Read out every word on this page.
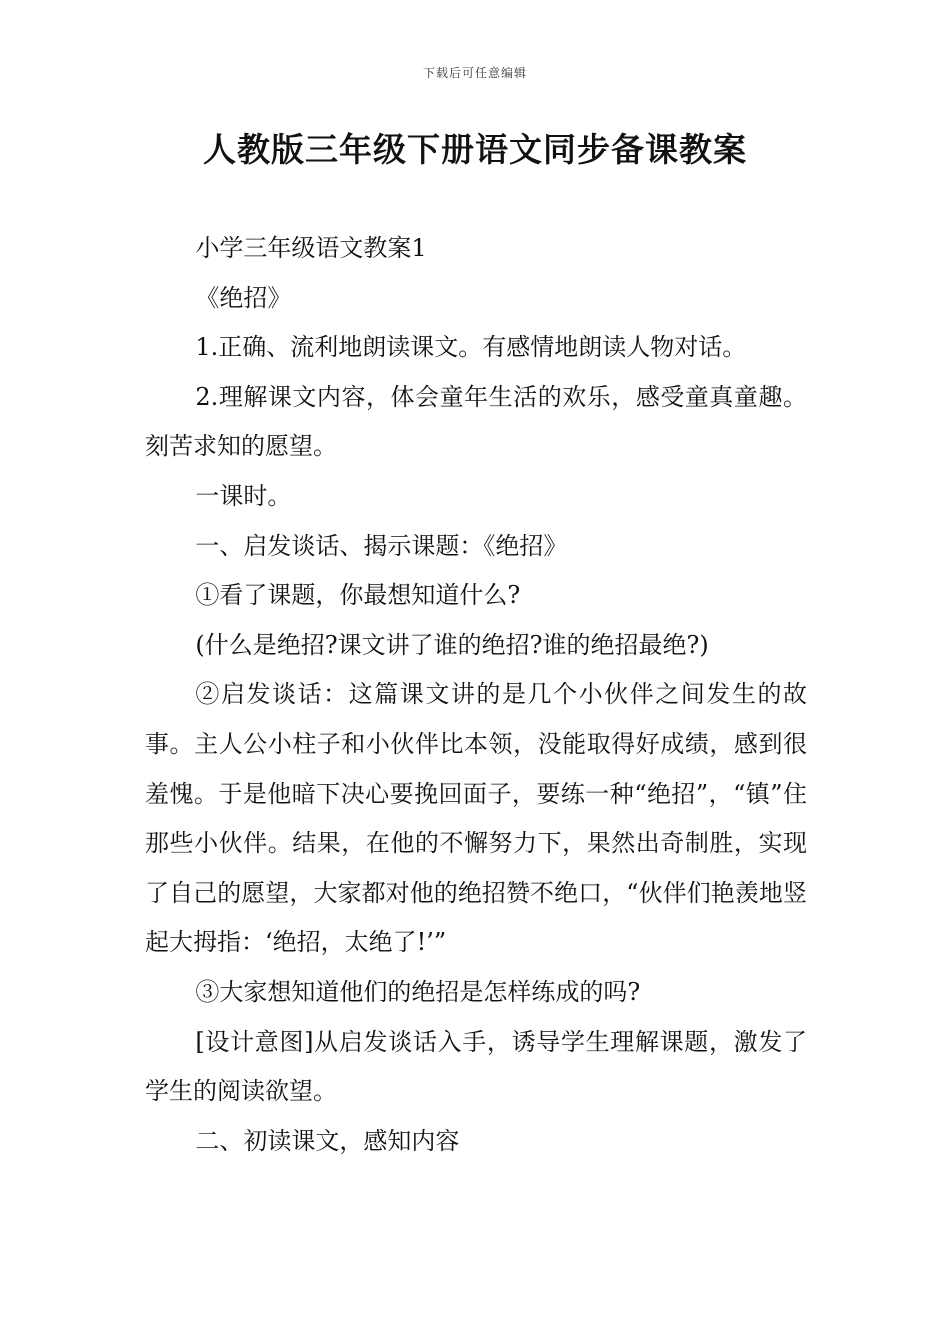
下载后可任意编辑
人教版三年级下册语文同步备课教案

小学三年级语文教案1

《绝招》

1.正确、流利地朗读课文。有感情地朗读人物对话。

2.理解课文内容，体会童年生活的欢乐，感受童真童趣。刻苦求知的愿望。

一课时。

一、启发谈话、揭示课题：《绝招》

①看了课题，你最想知道什么?

(什么是绝招?课文讲了谁的绝招?谁的绝招最绝?)

②启发谈话：这篇课文讲的是几个小伙伴之间发生的故事。主人公小柱子和小伙伴比本领，没能取得好成绩，感到很羞愧。于是他暗下决心要挽回面子，要练一种“绝招”，“镇”住那些小伙伴。结果，在他的不懈努力下，果然出奇制胜，实现了自己的愿望，大家都对他的绝招赞不绝口，“伙伴们艳羡地竖起大拇指：‘绝招，太绝了!’”

③大家想知道他们的绝招是怎样练成的吗?

[设计意图]从启发谈话入手，诱导学生理解课题，激发了学生的阅读欲望。

二、初读课文，感知内容
